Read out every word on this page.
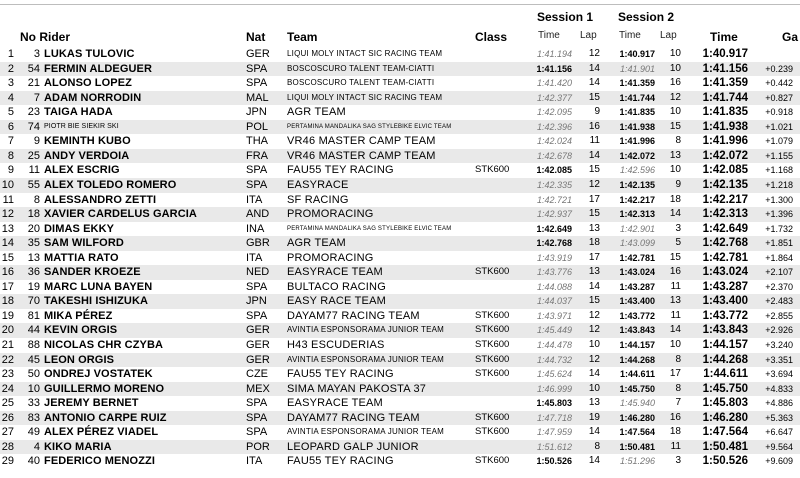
Session 1 Session 2
No Rider	Nat Team	Class	Time Lap Time Lap	Time	Ga
1	3 LUKAS TULOVIC	GER LIQUI MOLY INTACT SIC RACING TEAM	1:41.194	12	1:40.917	10	1:40.917
2	54 FERMIN ALDEGUER	SPA BOSCOSCURO TALENT TEAM-CIATTI	1:41.156	14	1:41.901	10	1:41.156	+0.239
3	21 ALONSO LOPEZ	SPA BOSCOSCURO TALENT TEAM-CIATTI	1:41.420	14	1:41.359	16	1:41.359	+0.442
4	7 ADAM NORRODIN	MAL LIQUI MOLY INTACT SIC RACING TEAM	1:42.377	15	1:41.744	12	1:41.744	+0.827
5	23 TAIGA HADA	JPN AGR TEAM	1:42.095	9	1:41.835	10	1:41.835	+0.918
6	74 PIOTR BIE SIEKIR SKI	POL	PERTAMINA MANDALIKA SAG STYLEBIKE ELVIC TEAM	1:42.396	16	1:41.938	15	1:41.938	+1.021
7	9 KEMINTH KUBO	THA VR46 MASTER CAMP TEAM	1:42.024	11	1:41.996	8	1:41.996	+1.079
8	25 ANDY VERDOIA	FRA VR46 MASTER CAMP TEAM	1:42.678	14	1:42.072	13	1:42.072	+1.155
9	11 ALEX ESCRIG	SPA FAU55 TEY RACING	STK600	1:42.085	15	1:42.596	10	1:42.085	+1.168
10	55 ALEX TOLEDO ROMERO	SPA EASYRACE	1:42.335	12	1:42.135	9	1:42.135	+1.218
11	8 ALESSANDRO ZETTI	ITA SF RACING	1:42.721	17	1:42.217	18	1:42.217	+1.300
12	18 XAVIER CARDELUS GARCIA	AND PROMORACING	1:42.937	15	1:42.313	14	1:42.313	+1.396
13	20 DIMAS EKKY	INA	PERTAMINA MANDALIKA SAG STYLEBIKE ELVIC TEAM	1:42.649	13	1:42.901	3	1:42.649	+1.732
14	35 SAM WILFORD	GBR AGR TEAM	1:42.768	18	1:43.099	5	1:42.768	+1.851
15	13 MATTIA RATO	ITA PROMORACING	1:43.919	17	1:42.781	15	1:42.781	+1.864
16	36 SANDER KROEZE	NED EASYRACE TEAM	STK600	1:43.776	13	1:43.024	16	1:43.024	+2.107
17	19 MARC LUNA BAYEN	SPA BULTACO RACING	1:44.088	14	1:43.287	11	1:43.287	+2.370
18	70 TAKESHI ISHIZUKA	JPN EASY RACE TEAM	1:44.037	15	1:43.400	13	1:43.400	+2.483
19	81 MIKA PÉREZ	SPA DAYAM77 RACING TEAM	STK600	1:43.971	12	1:43.772	11	1:43.772	+2.855
20	44 KEVIN ORGIS	GER AVINTIA ESPONSORAMA JUNIOR TEAM	STK600	1:45.449	12	1:43.843	14	1:43.843	+2.926
21	88 NICOLAS CHR CZYBA	GER H43 ESCUDERIAS	STK600	1:44.478	10	1:44.157	10	1:44.157	+3.240
22	45 LEON ORGIS	GER AVINTIA ESPONSORAMA JUNIOR TEAM	STK600	1:44.732	12	1:44.268	8	1:44.268	+3.351
23	50 ONDREJ VOSTATEK	CZE FAU55 TEY RACING	STK600	1:45.624	14	1:44.611	17	1:44.611	+3.694
24	10 GUILLERMO MORENO	MEX SIMA MAYAN PAKOSTA 37	1:46.999	10	1:45.750	8	1:45.750	+4.833
25	33 JEREMY BERNET	SPA EASYRACE TEAM	1:45.803	13	1:45.940	7	1:45.803	+4.886
26	83 ANTONIO CARPE RUIZ	SPA DAYAM77 RACING TEAM	STK600	1:47.718	19	1:46.280	16	1:46.280	+5.363
27	49 ALEX PÉREZ VIADEL	SPA AVINTIA ESPONSORAMA JUNIOR TEAM	STK600	1:47.959	14	1:47.564	18	1:47.564	+6.647
28	4 KIKO MARIA	POR LEOPARD GALP JUNIOR	1:51.612	8	1:50.481	11	1:50.481	+9.564
29	40 FEDERICO MENOZZI	ITA FAU55 TEY RACING	STK600	1:50.526	14	1:51.296	3	1:50.526	+9.609
